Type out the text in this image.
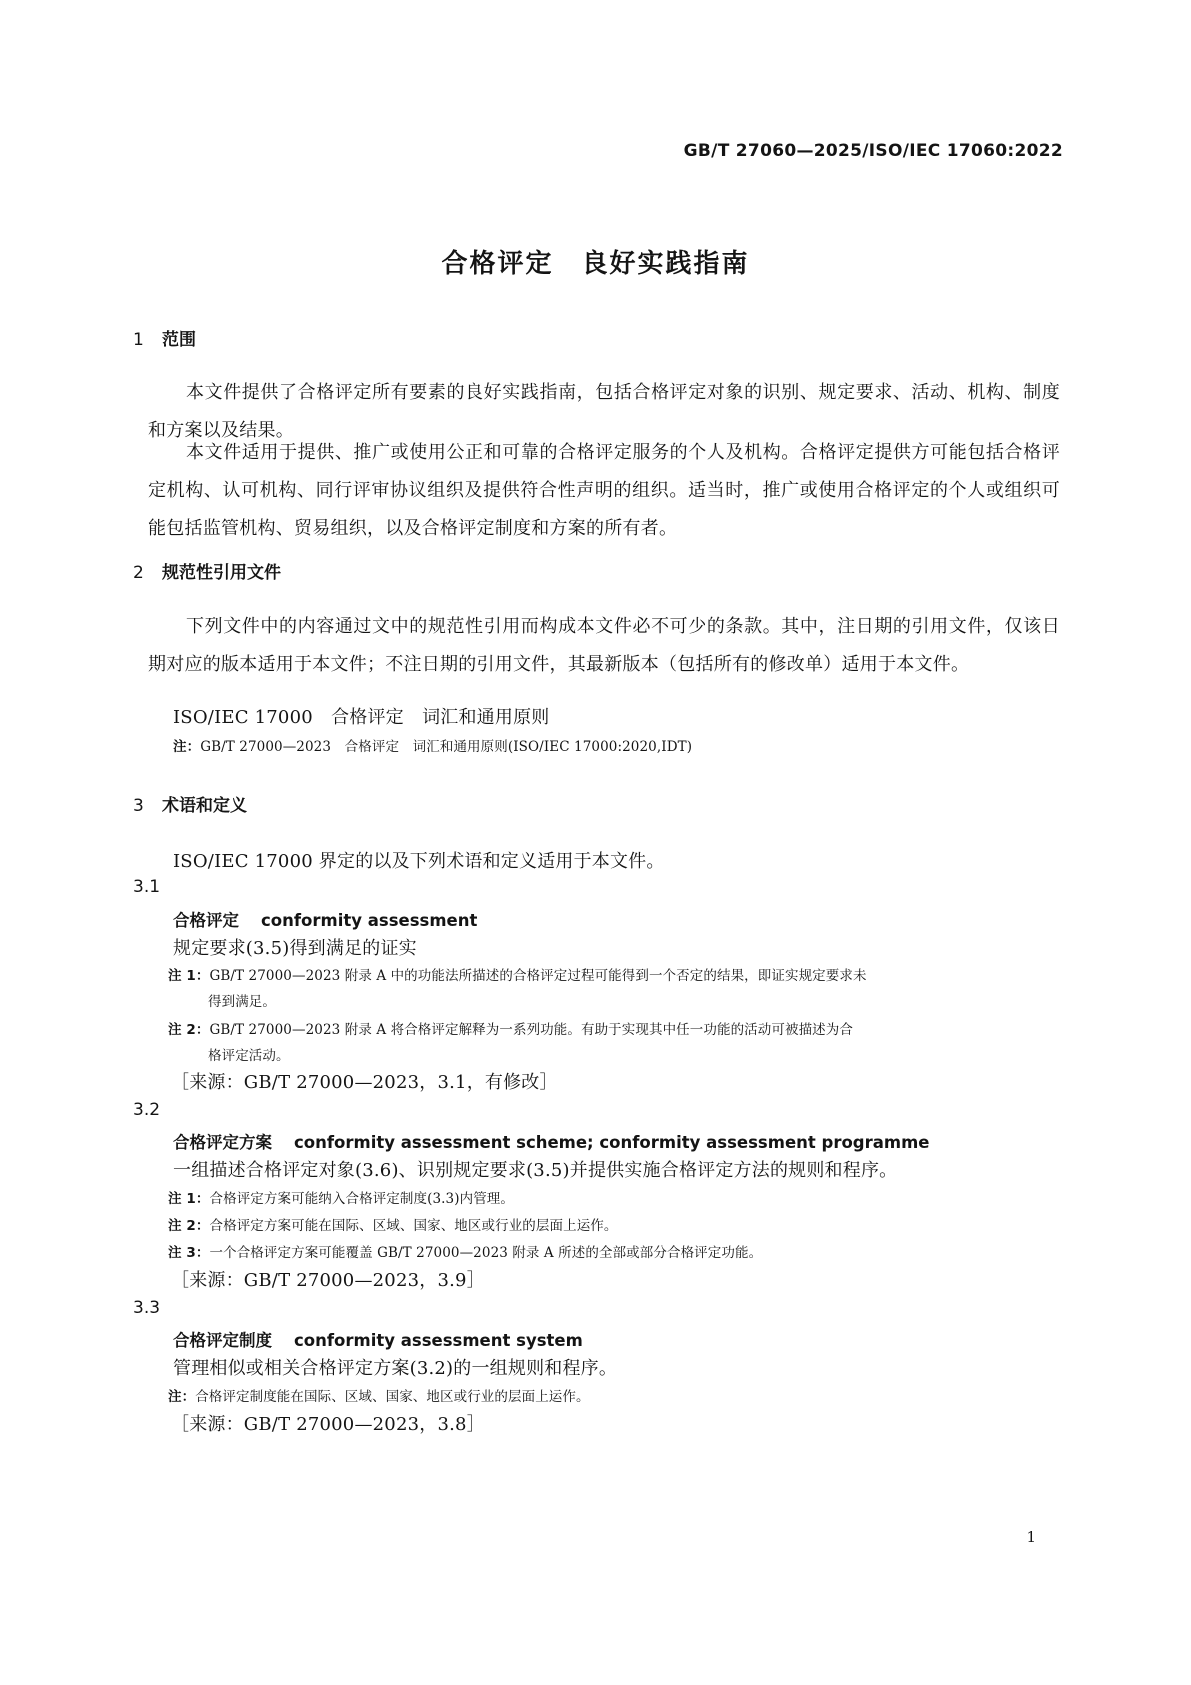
GB/T 27060—2025/ISO/IEC 17060:2022

合格评定　良好实践指南
1 范围

本文件提供了合格评定所有要素的良好实践指南，包括合格评定对象的识别、规定要求、活动、机构、制度和方案以及结果。

本文件适用于提供、推广或使用公正和可靠的合格评定服务的个人及机构。合格评定提供方可能包括合格评定机构、认可机构、同行评审协议组织及提供符合性声明的组织。适当时，推广或使用合格评定的个人或组织可能包括监管机构、贸易组织，以及合格评定制度和方案的所有者。

2 规范性引用文件

下列文件中的内容通过文中的规范性引用而构成本文件必不可少的条款。其中，注日期的引用文件，仅该日期对应的版本适用于本文件；不注日期的引用文件，其最新版本（包括所有的修改单）适用于本文件。

ISO/IEC 17000　合格评定　词汇和通用原则

注：GB/T 27000—2023　合格评定　词汇和通用原则(ISO/IEC 17000:2020,IDT)

3 术语和定义

ISO/IEC 17000 界定的以及下列术语和定义适用于本文件。

3.1

合格评定 conformity assessment

规定要求(3.5)得到满足的证实

注 1：GB/T 27000—2023 附录 A 中的功能法所描述的合格评定过程可能得到一个否定的结果，即证实规定要求未

得到满足。

注 2：GB/T 27000—2023 附录 A 将合格评定解释为一系列功能。有助于实现其中任一功能的活动可被描述为合

格评定活动。

［来源：GB/T 27000—2023，3.1，有修改］

3.2

合格评定方案 conformity assessment scheme; conformity assessment programme

一组描述合格评定对象(3.6)、识别规定要求(3.5)并提供实施合格评定方法的规则和程序。

注 1：合格评定方案可能纳入合格评定制度(3.3)内管理。

注 2：合格评定方案可能在国际、区域、国家、地区或行业的层面上运作。

注 3：一个合格评定方案可能覆盖 GB/T 27000—2023 附录 A 所述的全部或部分合格评定功能。

［来源：GB/T 27000—2023，3.9］

3.3

合格评定制度 conformity assessment system

管理相似或相关合格评定方案(3.2)的一组规则和程序。

注：合格评定制度能在国际、区域、国家、地区或行业的层面上运作。

［来源：GB/T 27000—2023，3.8］

1
